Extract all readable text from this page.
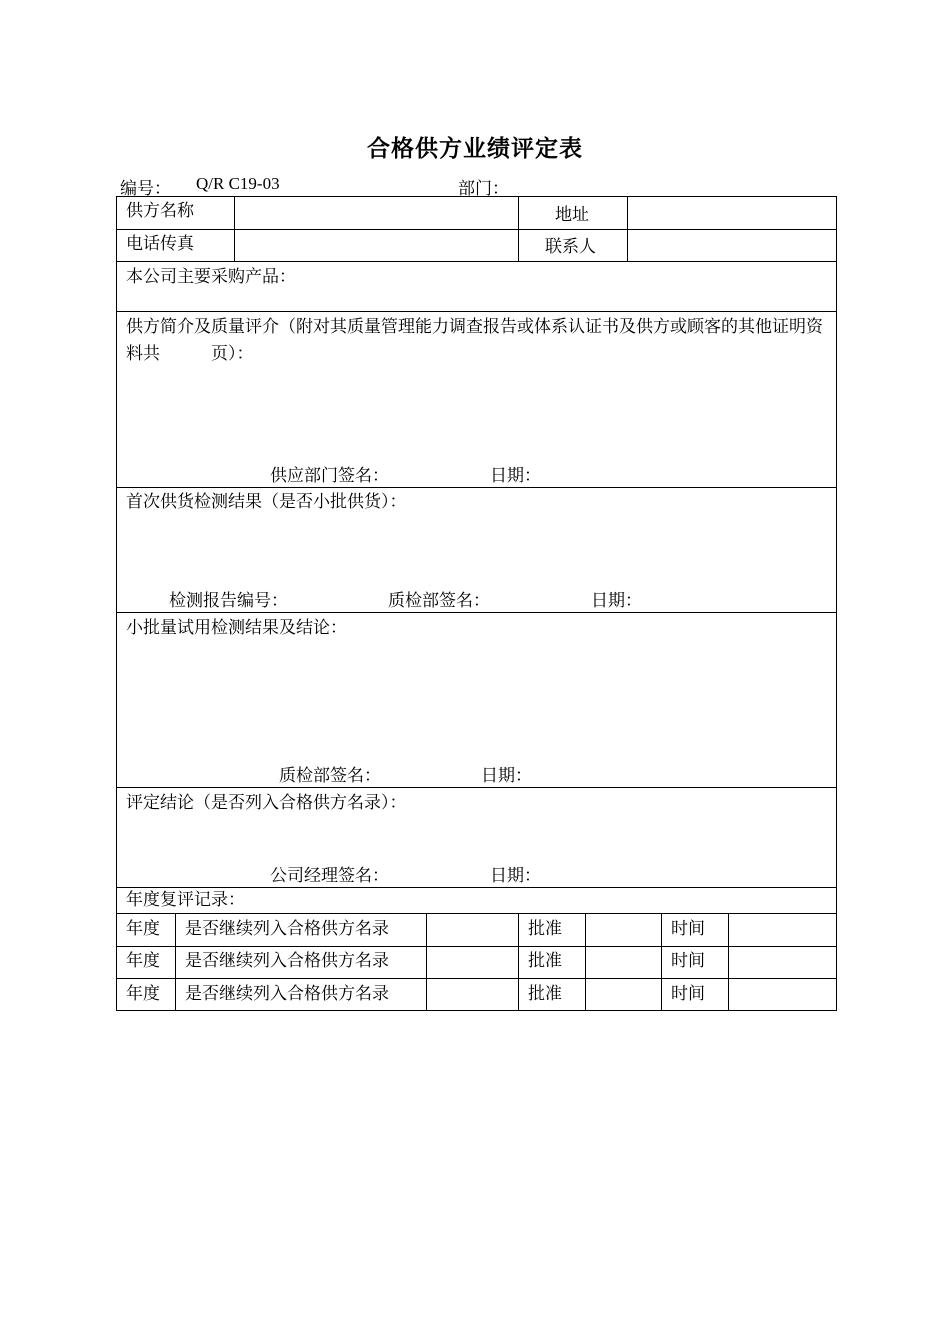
合格供方业绩评定表
编号： Q/R C19-03	部门：
供方名称	地址
电话传真	联系人
本公司主要采购产品：
供方简介及质量评介（附对其质量管理能力调查报告或体系认证书及供方或顾客的其他证明资料共　　　页）：
供应部门签名：	日期：
首次供货检测结果（是否小批供货）：
检测报告编号：	质检部签名：	日期：
小批量试用检测结果及结论：
质检部签名：	日期：
评定结论（是否列入合格供方名录）：
公司经理签名：	日期：
年度复评记录：
年度 是否继续列入合格供方名录	批准	时间
年度 是否继续列入合格供方名录	批准	时间
年度 是否继续列入合格供方名录	批准	时间
